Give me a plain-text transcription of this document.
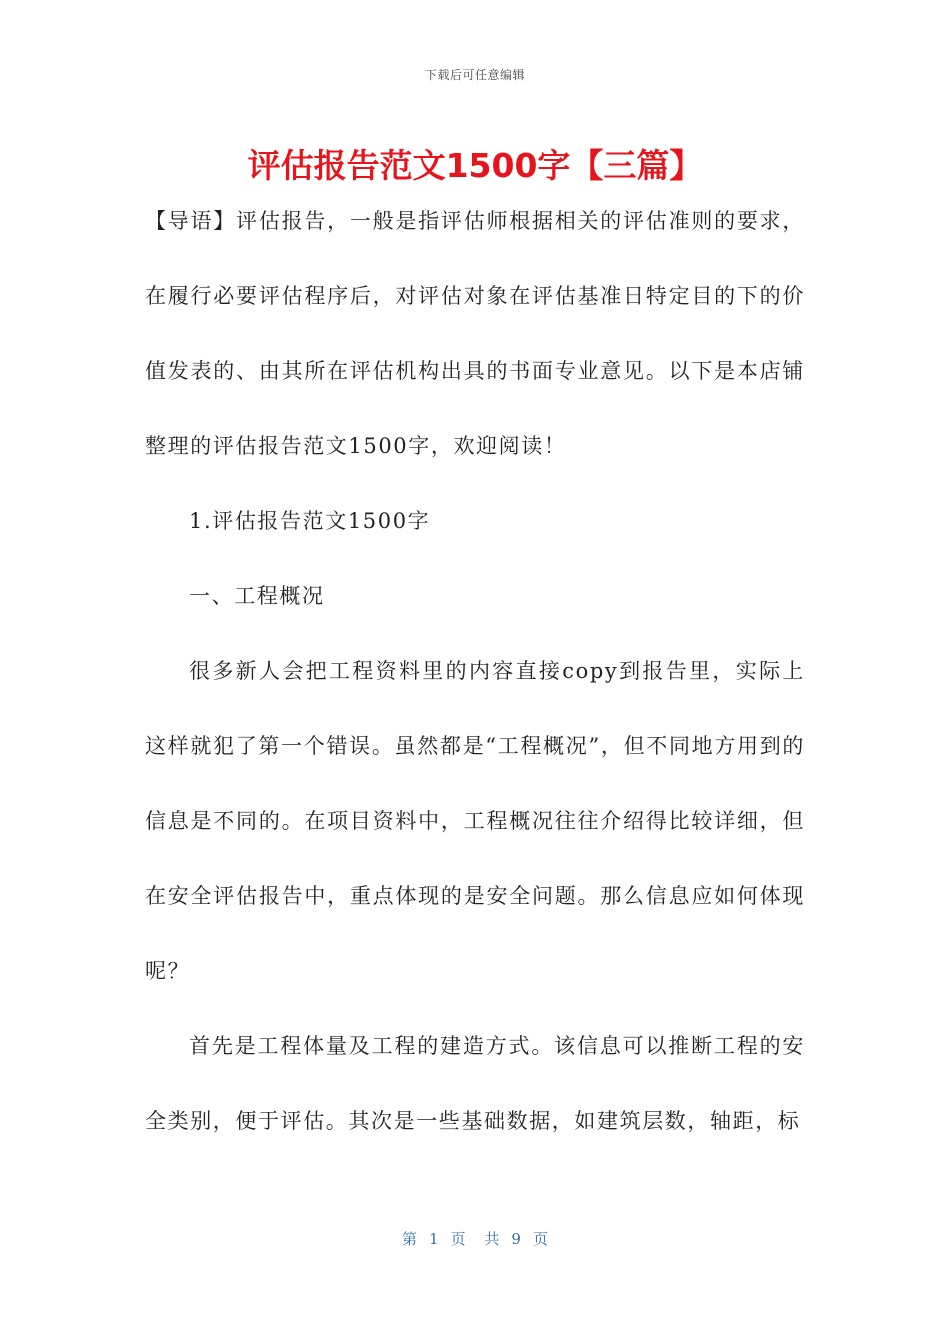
下载后可任意编辑
评估报告范文1500字【三篇】

【导语】评估报告，一般是指评估师根据相关的评估准则的要求，在履行必要评估程序后，对评估对象在评估基准日特定目的下的价值发表的、由其所在评估机构出具的书面专业意见。以下是本店铺整理的评估报告范文1500字，欢迎阅读！

1.评估报告范文1500字

一、工程概况

很多新人会把工程资料里的内容直接copy到报告里，实际上这样就犯了第一个错误。虽然都是“工程概况”，但不同地方用到的信息是不同的。在项目资料中，工程概况往往介绍得比较详细，但在安全评估报告中，重点体现的是安全问题。那么信息应如何体现呢？

首先是工程体量及工程的建造方式。该信息可以推断工程的安全类别，便于评估。其次是一些基础数据，如建筑层数，轴距，标

第 1 页 共 9 页
